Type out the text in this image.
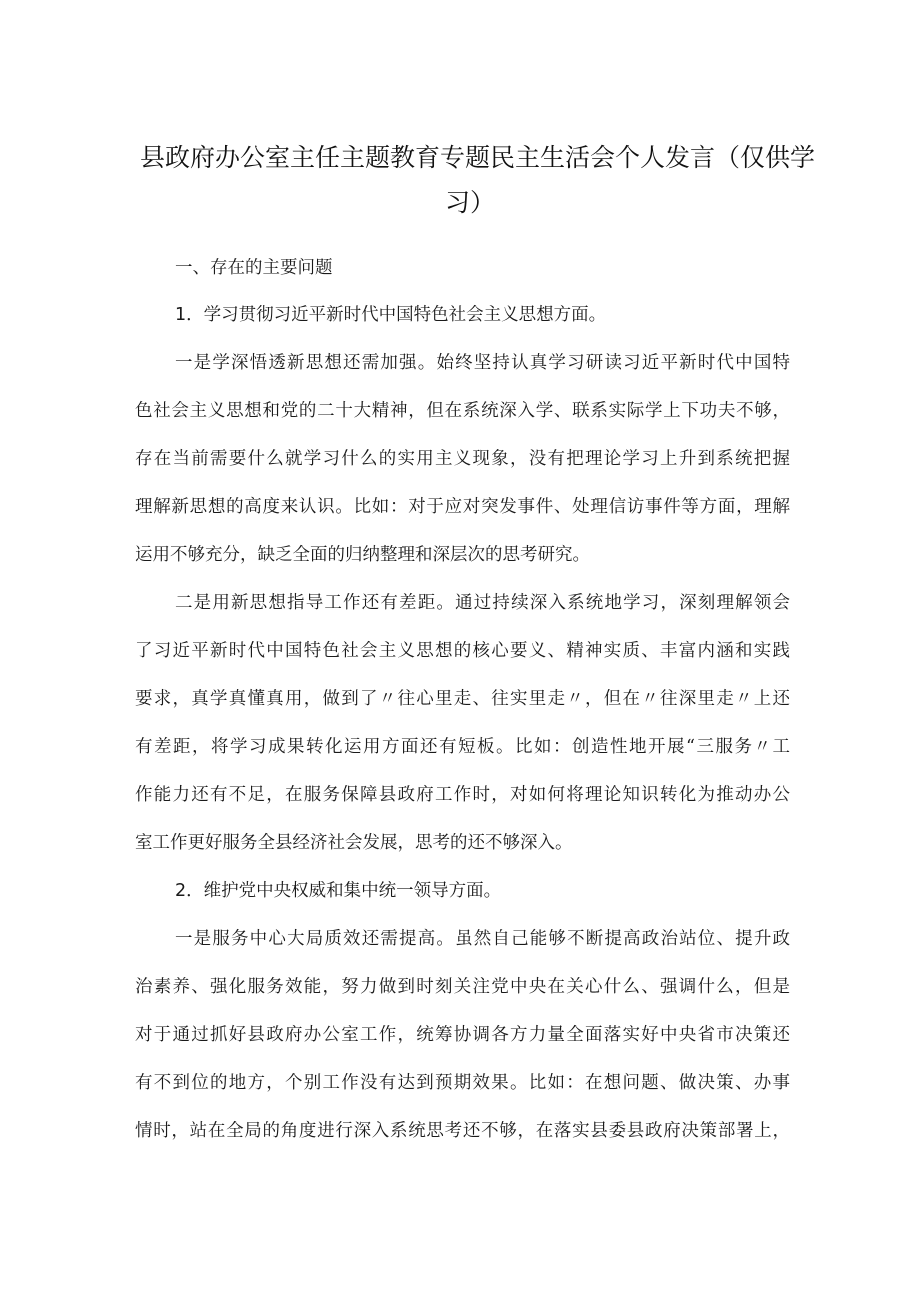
县政府办公室主任主题教育专题民主生活会个人发言（仅供学
习）
一、存在的主要问题
1．学习贯彻习近平新时代中国特色社会主义思想方面。
一是学深悟透新思想还需加强。始终坚持认真学习研读习近平新时代中国特
色社会主义思想和党的二十大精神，但在系统深入学、联系实际学上下功夫不够，
存在当前需要什么就学习什么的实用主义现象，没有把理论学习上升到系统把握
理解新思想的高度来认识。比如：对于应对突发事件、处理信访事件等方面，理解
运用不够充分，缺乏全面的归纳整理和深层次的思考研究。
二是用新思想指导工作还有差距。通过持续深入系统地学习，深刻理解领会
了习近平新时代中国特色社会主义思想的核心要义、精神实质、丰富内涵和实践
要求，真学真懂真用，做到了〃往心里走、往实里走〃，但在〃往深里走〃上还
有差距，将学习成果转化运用方面还有短板。比如：创造性地开展“三服务〃工
作能力还有不足，在服务保障县政府工作时，对如何将理论知识转化为推动办公
室工作更好服务全县经济社会发展，思考的还不够深入。
2．维护党中央权威和集中统一领导方面。
一是服务中心大局质效还需提高。虽然自己能够不断提高政治站位、提升政
治素养、强化服务效能，努力做到时刻关注党中央在关心什么、强调什么，但是
对于通过抓好县政府办公室工作，统筹协调各方力量全面落实好中央省市决策还
有不到位的地方，个别工作没有达到预期效果。比如：在想问题、做决策、办事
情时，站在全局的角度进行深入系统思考还不够，在落实县委县政府决策部署上，
